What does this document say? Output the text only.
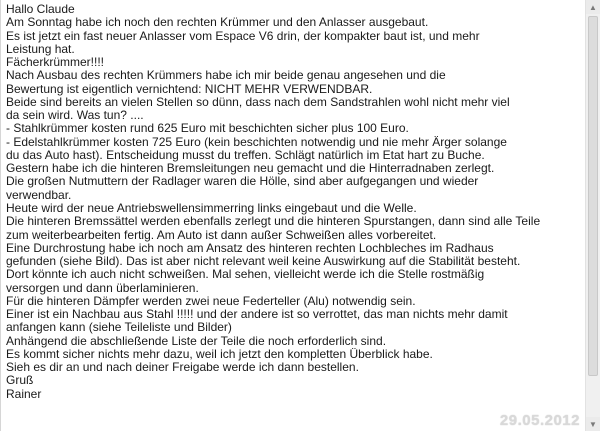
Hallo Claude
Am Sonntag habe ich noch den rechten Krümmer und den Anlasser ausgebaut.
Es ist jetzt ein fast neuer Anlasser vom Espace V6 drin, der kompakter baut ist, und mehr
Leistung hat.
Fächerkrümmer!!!!
Nach Ausbau des rechten Krümmers habe ich mir beide genau angesehen und die
Bewertung ist eigentlich vernichtend: NICHT MEHR VERWENDBAR.
Beide sind bereits an vielen Stellen so dünn, dass nach dem Sandstrahlen wohl nicht mehr viel
da sein wird. Was tun? ....
- Stahlkrümmer kosten rund 625 Euro mit beschichten sicher plus 100 Euro.
- Edelstahlkrümmer kosten 725 Euro (kein beschichten notwendig und nie mehr Ärger solange
du das Auto hast). Entscheidung musst du treffen. Schlägt natürlich im Etat hart zu Buche.
Gestern habe ich die hinteren Bremsleitungen neu gemacht und die Hinterradnaben zerlegt.
Die großen Nutmuttern der Radlager waren die Hölle, sind aber aufgegangen und wieder
verwendbar.
Heute wird der neue Antriebswellensimmerring links eingebaut und die Welle.
Die hinteren Bremssättel werden ebenfalls zerlegt und die hinteren Spurstangen, dann sind alle Teile
zum weiterbearbeiten fertig. Am Auto ist dann außer Schweißen alles vorbereitet.
Eine Durchrostung habe ich noch am Ansatz des hinteren rechten Lochbleches im Radhaus
gefunden (siehe Bild). Das ist aber nicht relevant weil keine Auswirkung auf die Stabilität besteht.
Dort könnte ich auch nicht schweißen. Mal sehen, vielleicht werde ich die Stelle rostmäßig
versorgen und dann überlaminieren.
Für die hinteren Dämpfer werden zwei neue Federteller (Alu) notwendig sein.
Einer ist ein Nachbau aus Stahl !!!!! und der andere ist so verrottet, das man nichts mehr damit
anfangen kann (siehe Teileliste und Bilder)
Anhängend die abschließende Liste der Teile die noch erforderlich sind.
Es kommt sicher nichts mehr dazu, weil ich jetzt den kompletten Überblick habe.
Sieh es dir an und nach deiner Freigabe werde ich dann bestellen.
Gruß
Rainer
▲
▼
29.05.2012
